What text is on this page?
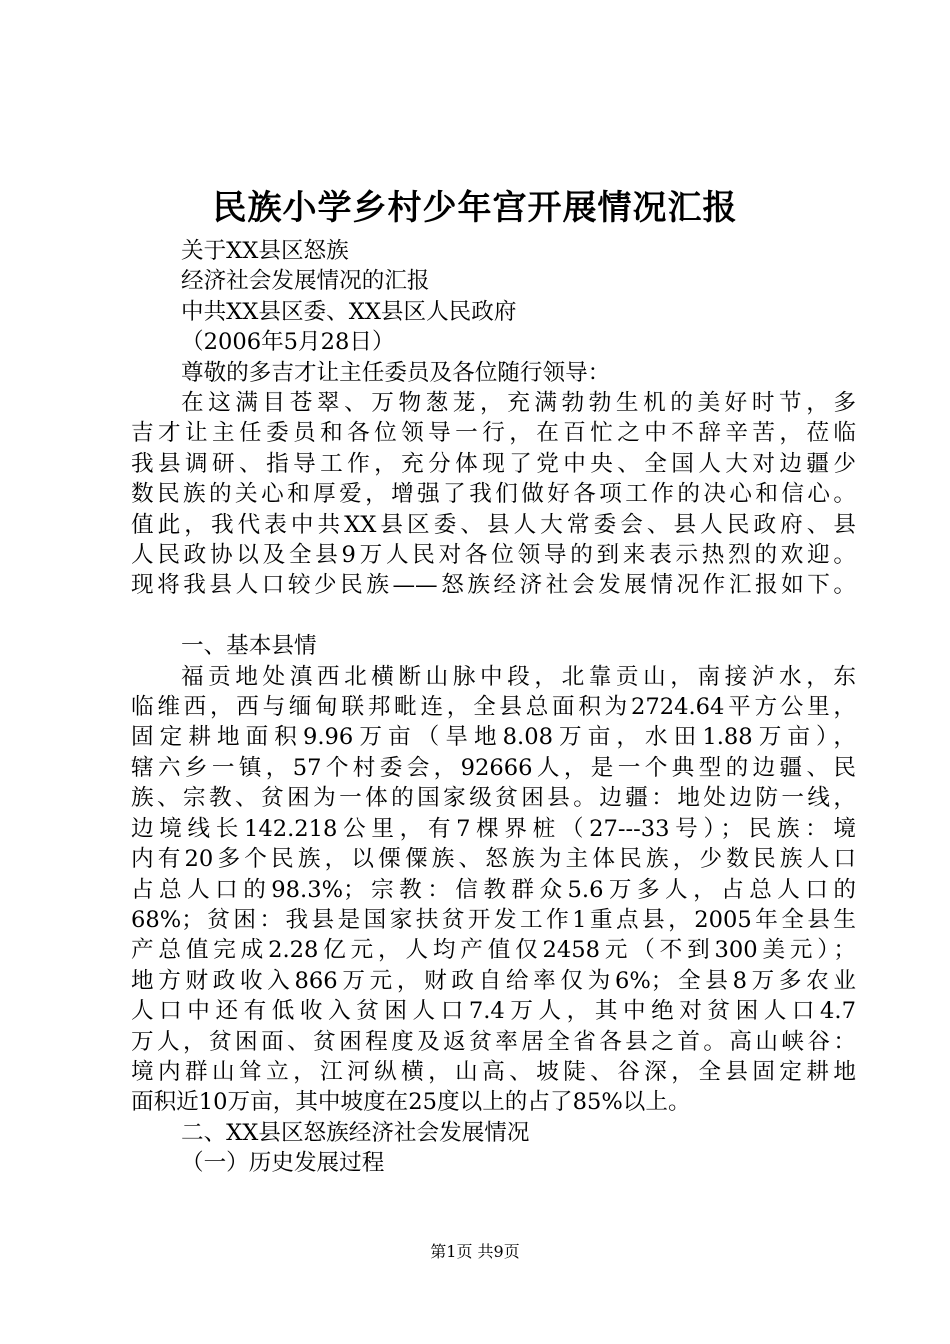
民族小学乡村少年宫开展情况汇报
关于XX县区怒族
经济社会发展情况的汇报
中共XX县区委、XX县区人民政府
（2006年5月28日）
尊敬的多吉才让主任委员及各位随行领导：
在这满目苍翠、万物葱茏，充满勃勃生机的美好时节，多
吉才让主任委员和各位领导一行，在百忙之中不辞辛苦，莅临
我县调研、指导工作，充分体现了党中央、全国人大对边疆少
数民族的关心和厚爱，增强了我们做好各项工作的决心和信心。
值此，我代表中共XX县区委、县人大常委会、县人民政府、县
人民政协以及全县9万人民对各位领导的到来表示热烈的欢迎。
现将我县人口较少民族——怒族经济社会发展情况作汇报如下。
一、基本县情
福贡地处滇西北横断山脉中段，北靠贡山，南接泸水，东
临维西，西与缅甸联邦毗连，全县总面积为2724.64平方公里，
固定耕地面积9.96万亩（旱地8.08万亩，水田1.88万亩），
辖六乡一镇，57个村委会，92666人，是一个典型的边疆、民
族、宗教、贫困为一体的国家级贫困县。边疆：地处边防一线，
边境线长142.218公里，有7棵界桩（27---33号）；民族：境
内有20多个民族，以傈僳族、怒族为主体民族，少数民族人口
占总人口的98.3%；宗教：信教群众5.6万多人，占总人口的
68%；贫困：我县是国家扶贫开发工作1重点县，2005年全县生
产总值完成2.28亿元，人均产值仅2458元（不到300美元）；
地方财政收入866万元，财政自给率仅为6%；全县8万多农业
人口中还有低收入贫困人口7.4万人，其中绝对贫困人口4.7
万人，贫困面、贫困程度及返贫率居全省各县之首。高山峡谷：
境内群山耸立，江河纵横，山高、坡陡、谷深，全县固定耕地
面积近10万亩，其中坡度在25度以上的占了85%以上。
二、XX县区怒族经济社会发展情况
（一）历史发展过程
第1页 共9页
